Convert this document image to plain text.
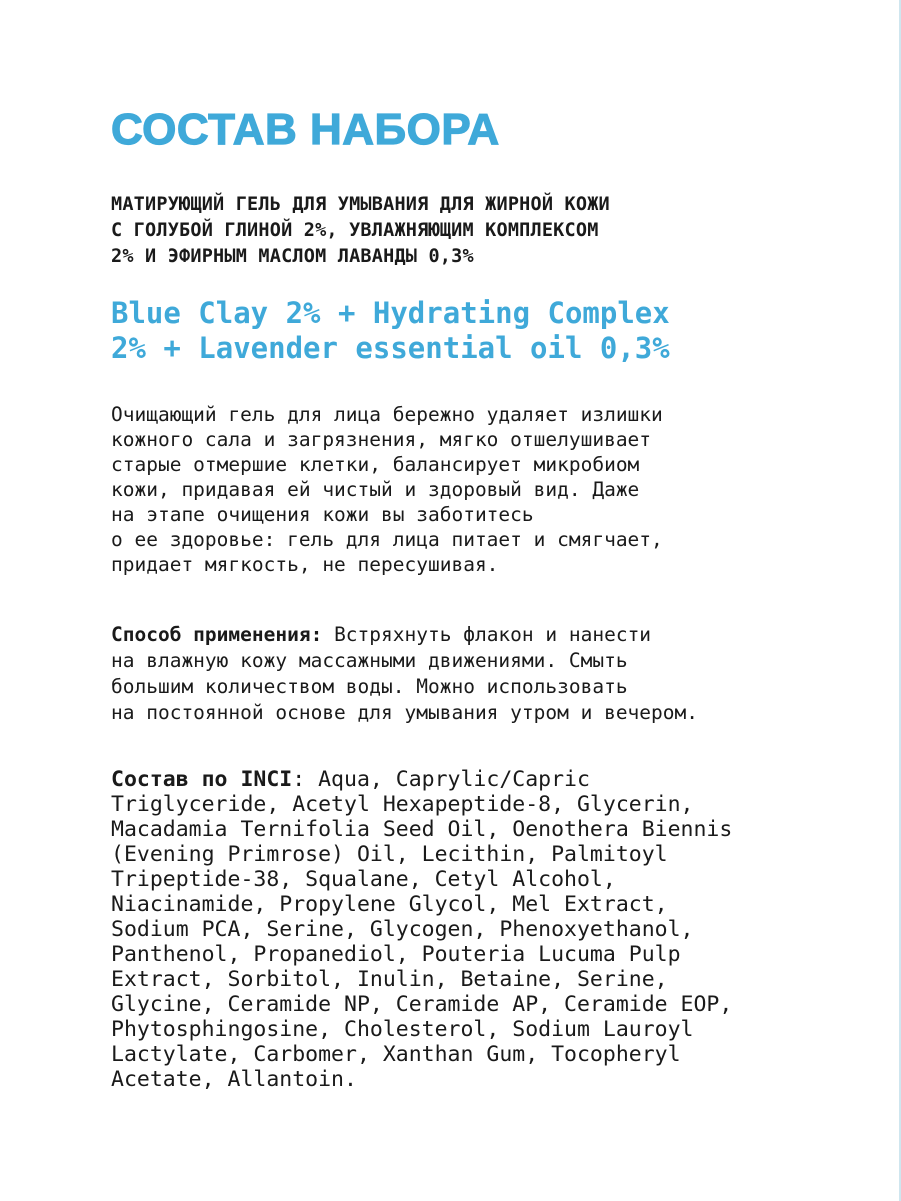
СОСТАВ НАБОРА
МАТИРУЮЩИЙ ГЕЛЬ ДЛЯ УМЫВАНИЯ ДЛЯ ЖИРНОЙ КОЖИ
С ГОЛУБОЙ ГЛИНОЙ 2%, УВЛАЖНЯЮЩИМ КОМПЛЕКСОМ
2% И ЭФИРНЫМ МАСЛОМ ЛАВАНДЫ 0,3%
Blue Clay 2% + Hydrating Complex
2% + Lavender essential oil 0,3%
Очищающий гель для лица бережно удаляет излишки
кожного сала и загрязнения, мягко отшелушивает
старые отмершие клетки, балансирует микробиом
кожи, придавая ей чистый и здоровый вид. Даже
на этапе очищения кожи вы заботитесь
о ее здоровье: гель для лица питает и смягчает,
придает мягкость, не пересушивая.
Способ применения: Встряхнуть флакон и нанести
на влажную кожу массажными движениями. Смыть
большим количеством воды. Можно использовать
на постоянной основе для умывания утром и вечером.
Состав по INCI: Aqua, Caprylic/Capric
Triglyceride, Acetyl Hexapeptide-8, Glycerin,
Macadamia Ternifolia Seed Oil, Oenothera Biennis
(Evening Primrose) Oil, Lecithin, Palmitoyl
Tripeptide-38, Squalane, Cetyl Alcohol,
Niacinamide, Propylene Glycol, Mel Extract,
Sodium PCA, Serine, Glycogen, Phenoxyethanol,
Panthenol, Propanediol, Pouteria Lucuma Pulp
Extract, Sorbitol, Inulin, Betaine, Serine,
Glycine, Ceramide NP, Ceramide AP, Ceramide EOP,
Phytosphingosine, Cholesterol, Sodium Lauroyl
Lactylate, Carbomer, Xanthan Gum, Tocopheryl
Acetate, Allantoin.
